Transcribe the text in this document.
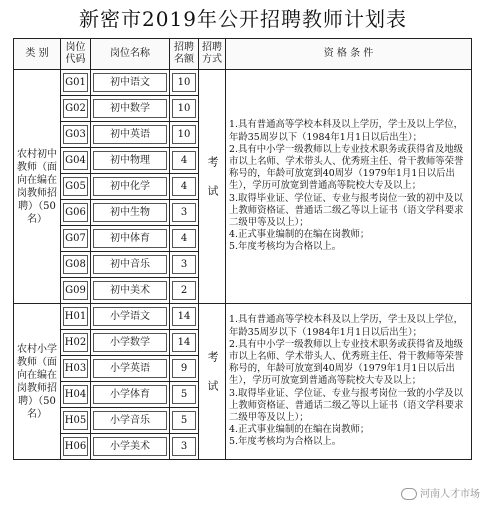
新密市2019年公开招聘教师计划表
类 别	岗位代码	岗位名称	招聘名额	招聘方式	资 格 条 件
农村初中教师（面向在编在岗教师招聘）（50名）	G01	初中语文	10	考试	1.具有普通高等学校本科及以上学历，学士及以上学位，年龄35周岁以下（1984年1月1日以后出生）；
2.具有中小学一级教师以上专业技术职务或获得省及地级市以上名师、学术带头人、优秀班主任、骨干教师等荣誉称号的，年龄可放宽到40周岁（1979年1月1日以后出生），学历可放宽到普通高等院校大专及以上；
3.取得毕业证、学位证、专业与报考岗位一致的初中及以上教师资格证、普通话二级乙等以上证书（语文学科要求二级甲等及以上）；
4.正式事业编制的在编在岗教师；
5.年度考核均为合格以上。

	G02	初中数学	10		
	G03	初中英语	10		
	G04	初中物理	4		
	G05	初中化学	4		
	G06	初中生物	3		
	G07	初中体育	4		
	G08	初中音乐	3		
	G09	初中美术	2		
农村小学教师（面向在编在岗教师招聘）（50名）	H01	小学语文	14	考试	1.具有普通高等学校本科及以上学历，学士及以上学位，年龄35周岁以下（1984年1月1日以后出生）；
2.具有中小学一级教师以上专业技术职务或获得省及地级市以上名师、学术带头人、优秀班主任、骨干教师等荣誉称号的，年龄可放宽到40周岁（1979年1月1日以后出生），学历可放宽到普通高等院校大专及以上；
3.取得毕业证、学位证、专业与报考岗位一致的小学及以上教师资格证、普通话二级乙等以上证书（语文学科要求二级甲等及以上）；
4.正式事业编制的在编在岗教师；
5.年度考核均为合格以上。

	H02	小学数学	14		
	H03	小学英语	9		
	H04	小学体育	5		
	H05	小学音乐	5		
	H06	小学美术	3		
河南人才市场
